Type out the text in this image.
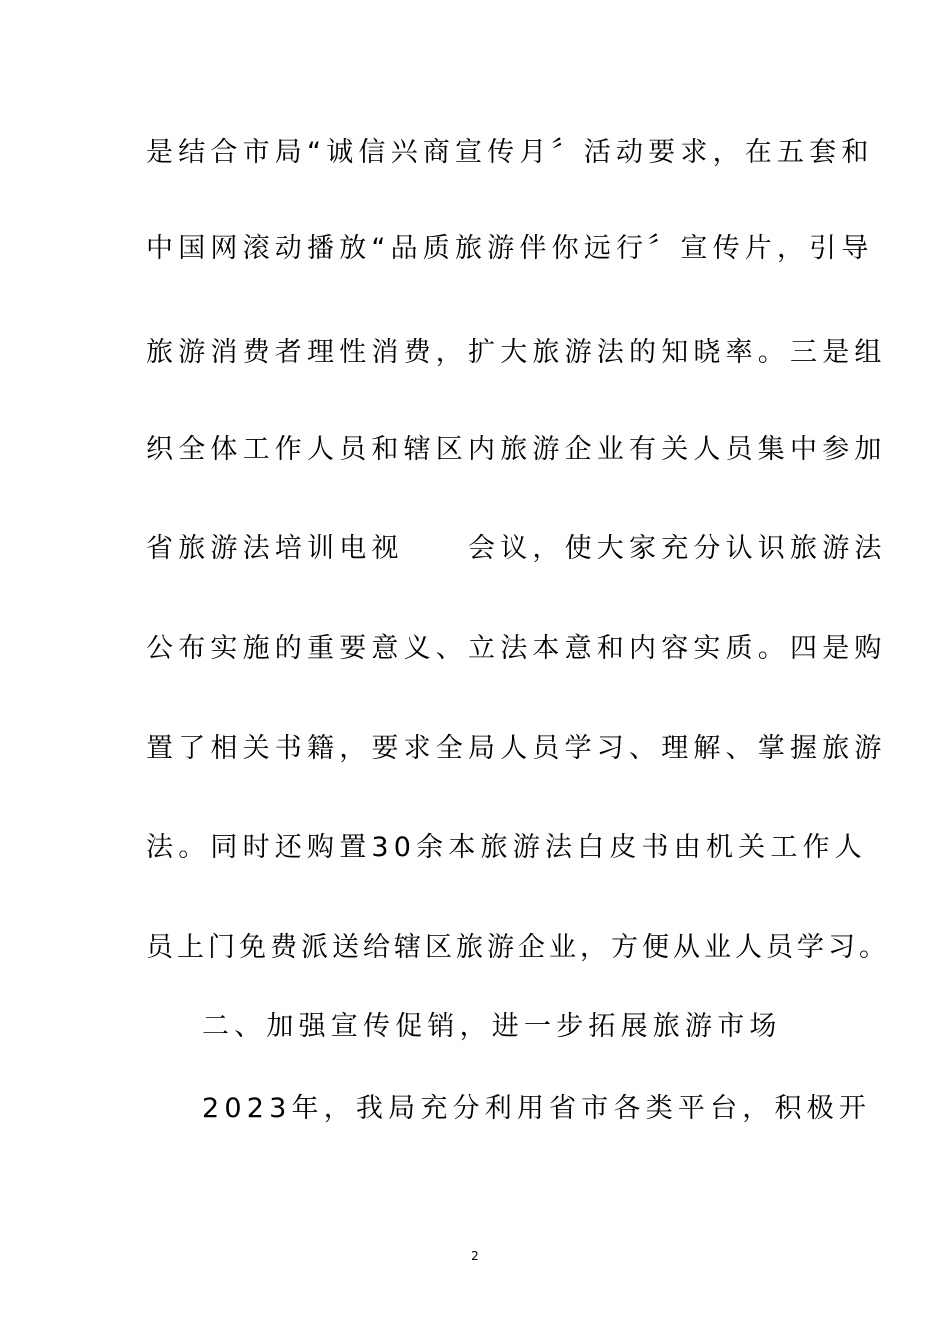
是结合市局“诚信兴商宣传月〞活动要求，在五套和
中国网滚动播放“品质旅游伴你远行〞宣传片，引导
旅游消费者理性消费，扩大旅游法的知晓率。三是组
织全体工作人员和辖区内旅游企业有关人员集中参加
省旅游法培训电视　　会议，使大家充分认识旅游法
公布实施的重要意义、立法本意和内容实质。四是购
置了相关书籍，要求全局人员学习、理解、掌握旅游
法。同时还购置30余本旅游法白皮书由机关工作人
员上门免费派送给辖区旅游企业，方便从业人员学习。
二、加强宣传促销，进一步拓展旅游市场
2023年，我局充分利用省市各类平台，积极开
2
